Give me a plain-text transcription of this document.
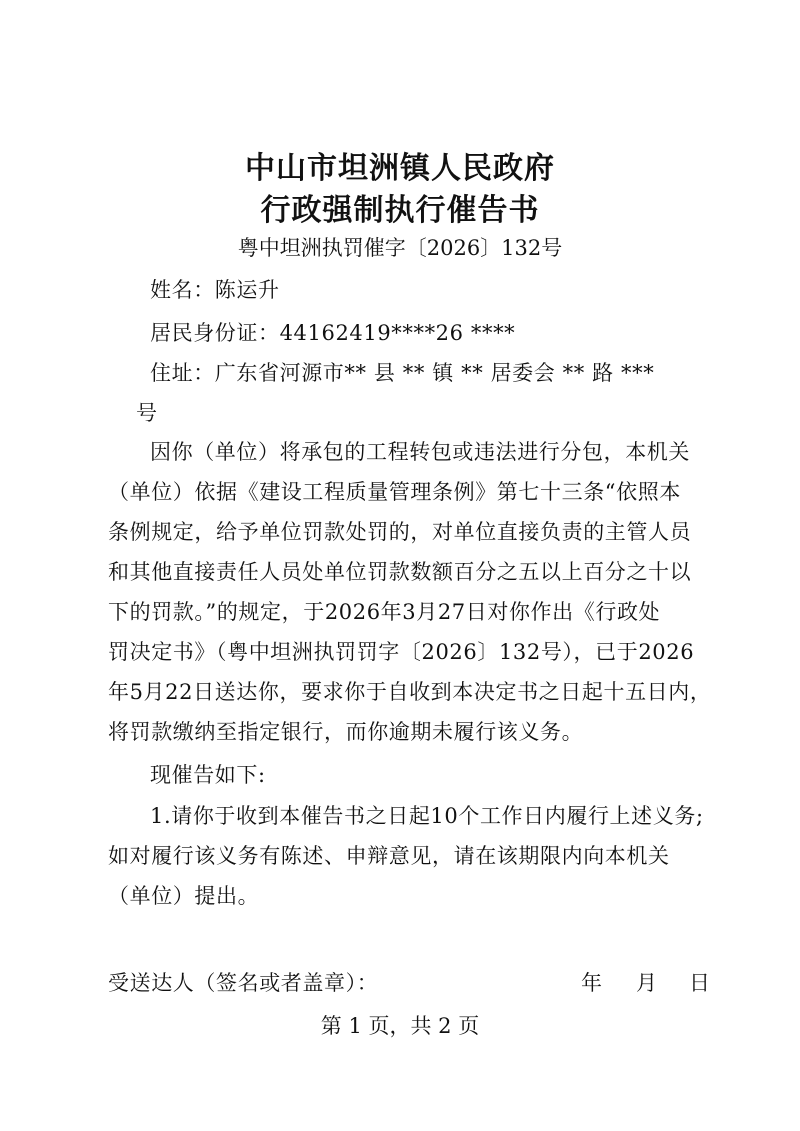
中山市坦洲镇人民政府
行政强制执行催告书
粤中坦洲执罚催字〔2026〕132号
姓名：陈运升
居民身份证：44162419****26 ****
住址：广东省河源市** 县 ** 镇 ** 居委会 ** 路 ***
号
因你（单位）将承包的工程转包或违法进行分包，本机关
（单位）依据《建设工程质量管理条例》第七十三条“依照本
条例规定，给予单位罚款处罚的，对单位直接负责的主管人员
和其他直接责任人员处单位罚款数额百分之五以上百分之十以
下的罚款。”的规定，于2026年3月27日对你作出《行政处
罚决定书》（粤中坦洲执罚罚字〔2026〕132号），已于2026
年5月22日送达你，要求你于自收到本决定书之日起十五日内，
将罚款缴纳至指定银行，而你逾期未履行该义务。
现催告如下:
1.请你于收到本催告书之日起10个工作日内履行上述义务;
如对履行该义务有陈述、申辩意见，请在该期限内向本机关
（单位）提出。
受送达人（签名或者盖章）：	年 月 日
第 1 页，共 2 页
